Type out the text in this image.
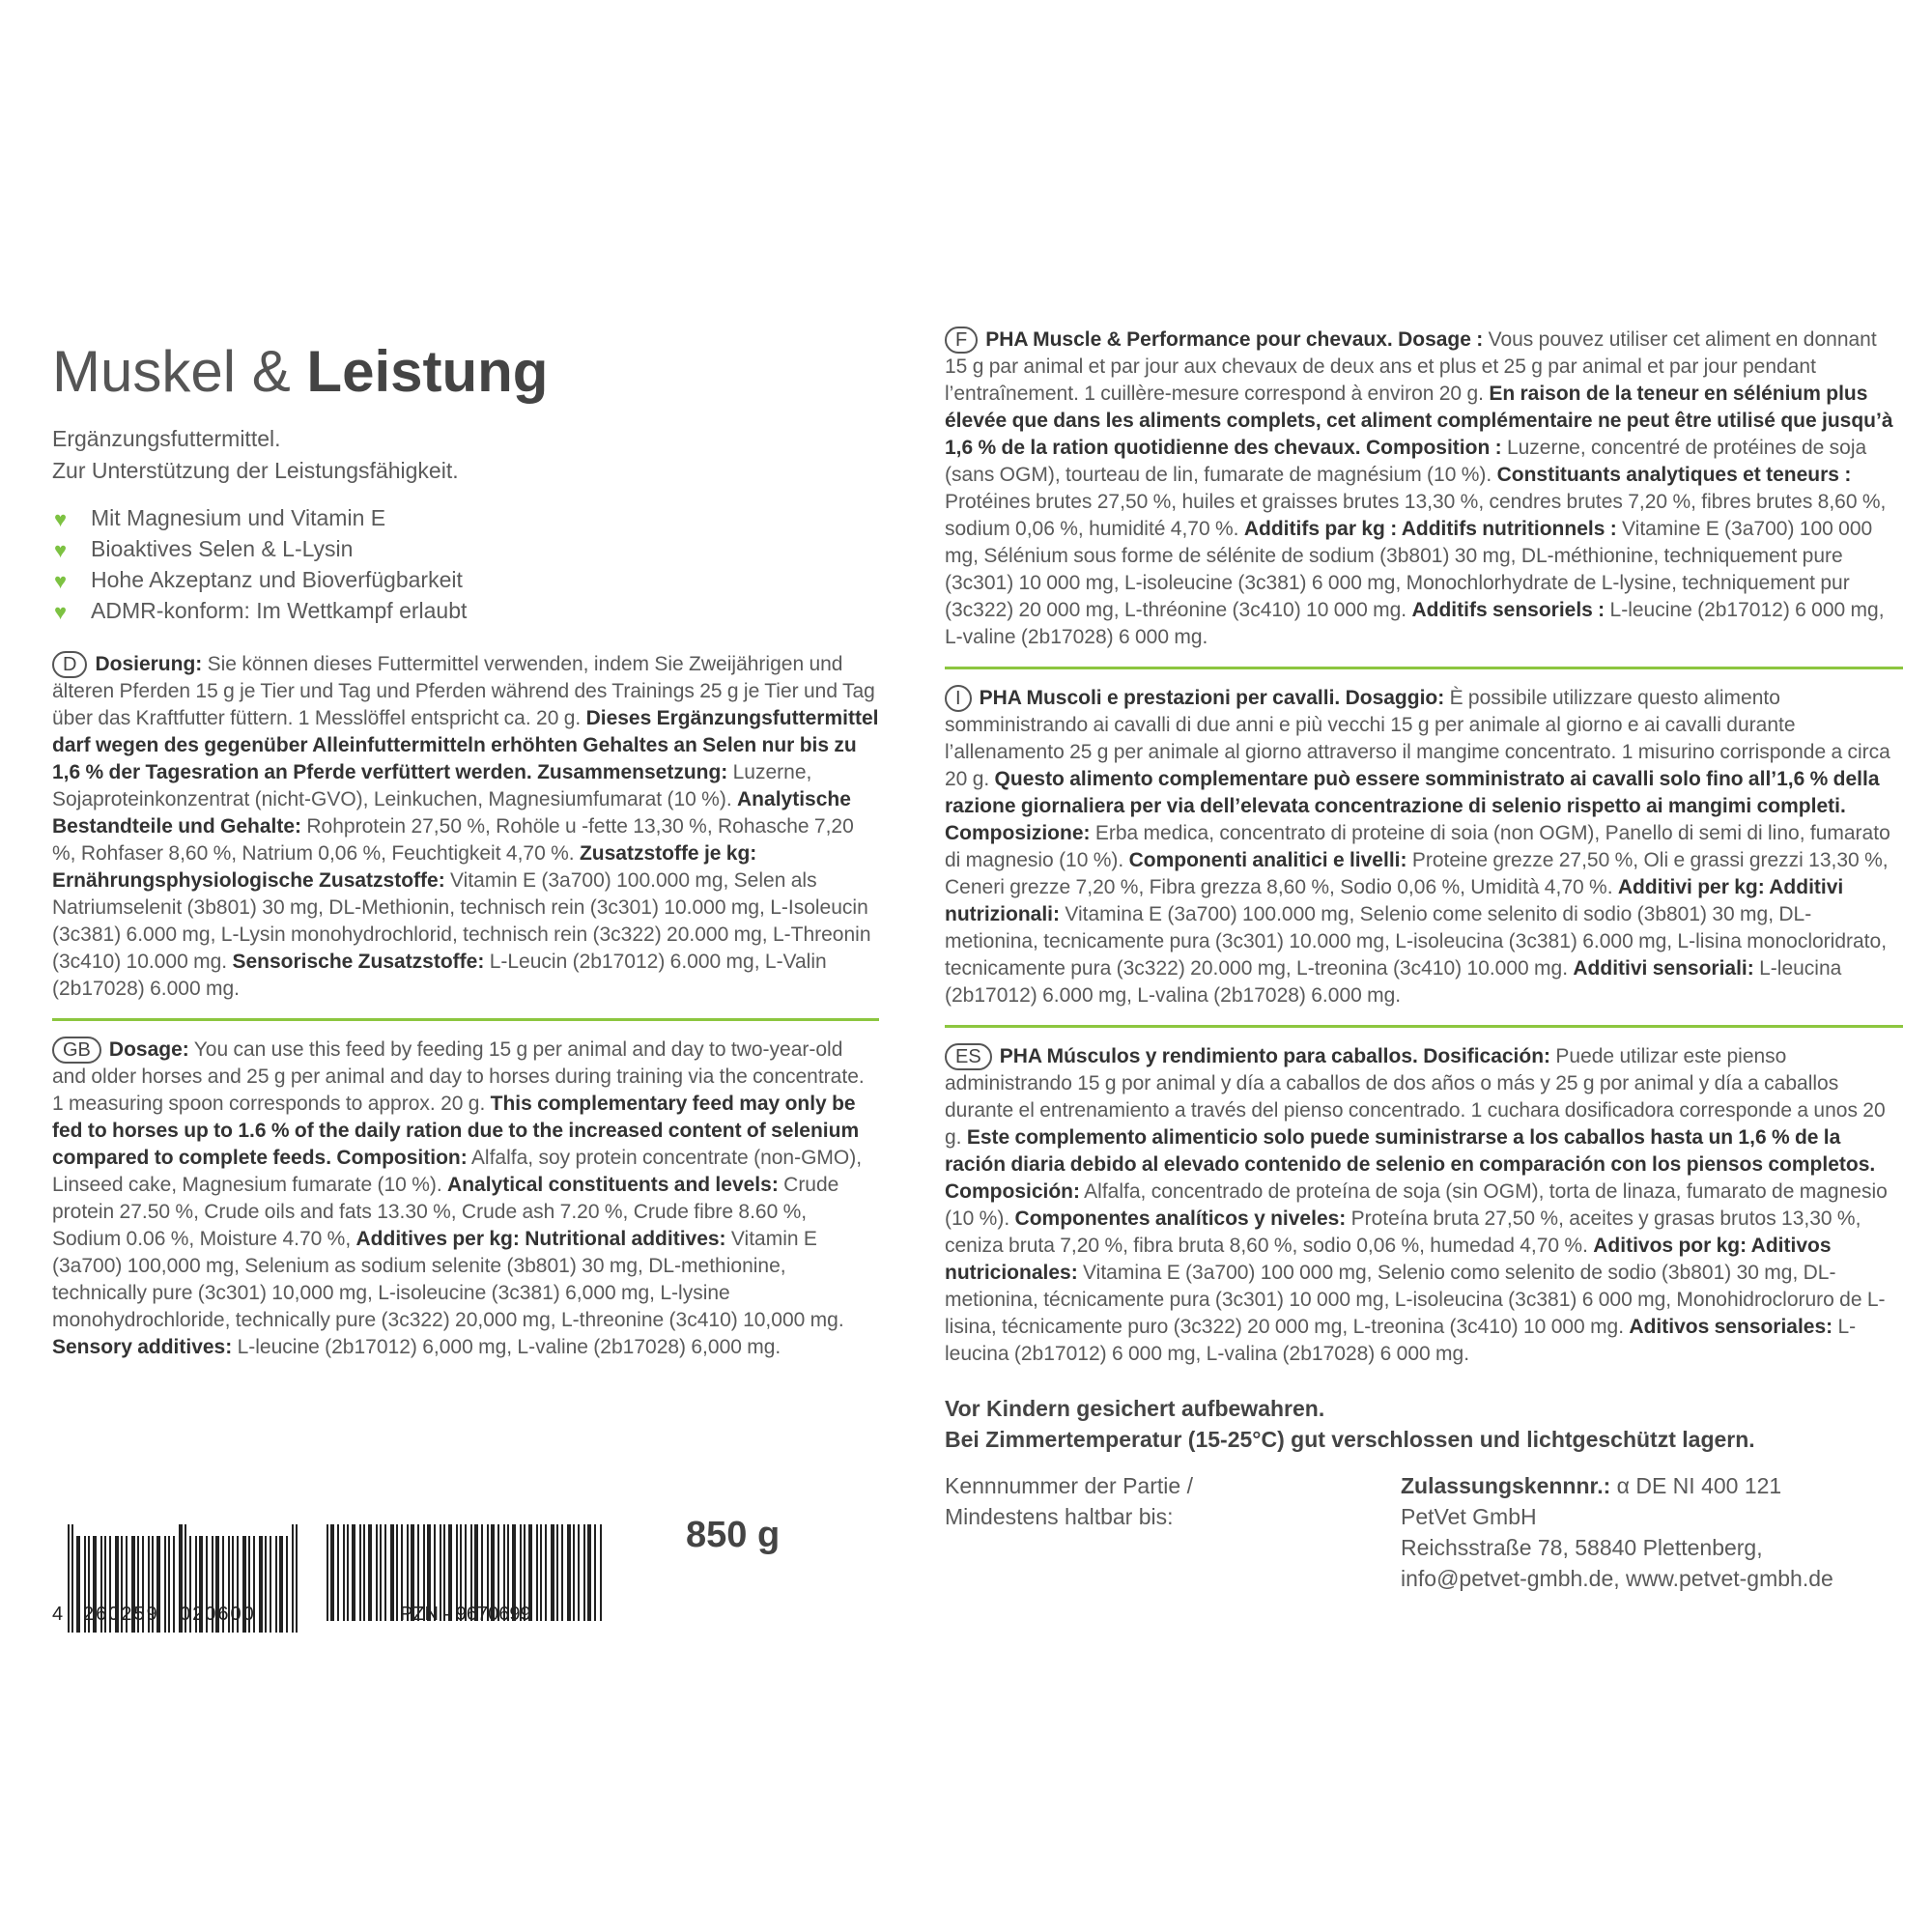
Muskel & Leistung
Ergänzungsfuttermittel.
Zur Unterstützung der Leistungsfähigkeit.
♥ Mit Magnesium und Vitamin E
♥ Bioaktives Selen & L-Lysin
♥ Hohe Akzeptanz und Bioverfügbarkeit
♥ ADMR-konform: Im Wettkampf erlaubt
D Dosierung: Sie können dieses Futtermittel verwenden, indem Sie Zweijährigen und älteren Pferden 15 g je Tier und Tag und Pferden während des Trainings 25 g je Tier und Tag über das Kraftfutter füttern. 1 Messlöffel entspricht ca. 20 g. Dieses Ergänzungsfuttermittel darf wegen des gegenüber Alleinfuttermitteln erhöhten Gehaltes an Selen nur bis zu 1,6 % der Tagesration an Pferde verfüttert werden. Zusammensetzung: Luzerne, Sojaproteinkonzentrat (nicht-GVO), Leinkuchen, Magnesiumfumarat (10 %). Analytische Bestandteile und Gehalte: Rohprotein 27,50 %, Rohöle u -fette 13,30 %, Rohasche 7,20 %, Rohfaser 8,60 %, Natrium 0,06 %, Feuchtigkeit 4,70 %. Zusatzstoffe je kg: Ernährungsphysiologische Zusatzstoffe: Vitamin E (3a700) 100.000 mg, Selen als Natriumselenit (3b801) 30 mg, DL-Methionin, technisch rein (3c301) 10.000 mg, L-Isoleucin (3c381) 6.000 mg, L-Lysin monohydrochlorid, technisch rein (3c322) 20.000 mg, L-Threonin (3c410) 10.000 mg. Sensorische Zusatzstoffe: L-Leucin (2b17012) 6.000 mg, L-Valin (2b17028) 6.000 mg.
GB Dosage: You can use this feed by feeding 15 g per animal and day to two-year-old and older horses and 25 g per animal and day to horses during training via the concentrate. 1 measuring spoon corresponds to approx. 20 g. This complementary feed may only be fed to horses up to 1.6 % of the daily ration due to the increased content of selenium compared to complete feeds. Composition: Alfalfa, soy protein concentrate (non-GMO), Linseed cake, Magnesium fumarate (10 %). Analytical constituents and levels: Crude protein 27.50 %, Crude oils and fats 13.30 %, Crude ash 7.20 %, Crude fibre 8.60 %, Sodium 0.06 %, Moisture 4.70 %, Additives per kg: Nutritional additives: Vitamin E (3a700) 100,000 mg, Selenium as sodium selenite (3b801) 30 mg, DL-methionine, technically pure (3c301) 10,000 mg, L-isoleucine (3c381) 6,000 mg, L-lysine monohydrochloride, technically pure (3c322) 20,000 mg, L-threonine (3c410) 10,000 mg. Sensory additives: L-leucine (2b17012) 6,000 mg, L-valine (2b17028) 6,000 mg.
4 260259 020600	PZN - 9670699
850 g
F PHA Muscle & Performance pour chevaux. Dosage : Vous pouvez utiliser cet aliment en donnant 15 g par animal et par jour aux chevaux de deux ans et plus et 25 g par animal et par jour pendant l’entraînement. 1 cuillère-mesure correspond à environ 20 g. En raison de la teneur en sélénium plus élevée que dans les aliments complets, cet aliment complémentaire ne peut être utilisé que jusqu’à 1,6 % de la ration quotidienne des chevaux. Composition : Luzerne, concentré de protéines de soja (sans OGM), tourteau de lin, fumarate de magnésium (10 %). Constituants analytiques et teneurs : Protéines brutes 27,50 %, huiles et graisses brutes 13,30 %, cendres brutes 7,20 %, fibres brutes 8,60 %, sodium 0,06 %, humidité 4,70 %. Additifs par kg : Additifs nutritionnels : Vitamine E (3a700) 100 000 mg, Sélénium sous forme de sélénite de sodium (3b801) 30 mg, DL-méthionine, techniquement pure (3c301) 10 000 mg, L-isoleucine (3c381) 6 000 mg, Monochlorhydrate de L-lysine, techniquement pur (3c322) 20 000 mg, L-thréonine (3c410) 10 000 mg. Additifs sensoriels : L-leucine (2b17012) 6 000 mg, L-valine (2b17028) 6 000 mg.
I PHA Muscoli e prestazioni per cavalli. Dosaggio: È possibile utilizzare questo alimento somministrando ai cavalli di due anni e più vecchi 15 g per animale al giorno e ai cavalli durante l’allenamento 25 g per animale al giorno attraverso il mangime concentrato. 1 misurino corrisponde a circa 20 g. Questo alimento complementare può essere somministrato ai cavalli solo fino all’1,6 % della razione giornaliera per via dell’elevata concentrazione di selenio rispetto ai mangimi completi. Composizione: Erba medica, concentrato di proteine di soia (non OGM), Panello di semi di lino, fumarato di magnesio (10 %). Componenti analitici e livelli: Proteine grezze 27,50 %, Oli e grassi grezzi 13,30 %, Ceneri grezze 7,20 %, Fibra grezza 8,60 %, Sodio 0,06 %, Umidità 4,70 %. Additivi per kg: Additivi nutrizionali: Vitamina E (3a700) 100.000 mg, Selenio come selenito di sodio (3b801) 30 mg, DL-metionina, tecnicamente pura (3c301) 10.000 mg, L-isoleucina (3c381) 6.000 mg, L-lisina monocloridrato, tecnicamente pura (3c322) 20.000 mg, L-treonina (3c410) 10.000 mg. Additivi sensoriali: L-leucina (2b17012) 6.000 mg, L-valina (2b17028) 6.000 mg.
ES PHA Músculos y rendimiento para caballos. Dosificación: Puede utilizar este pienso administrando 15 g por animal y día a caballos de dos años o más y 25 g por animal y día a caballos durante el entrenamiento a través del pienso concentrado. 1 cuchara dosificadora corresponde a unos 20 g. Este complemento alimenticio solo puede suministrarse a los caballos hasta un 1,6 % de la ración diaria debido al elevado contenido de selenio en comparación con los piensos completos. Composición: Alfalfa, concentrado de proteína de soja (sin OGM), torta de linaza, fumarato de magnesio (10 %). Componentes analíticos y niveles: Proteína bruta 27,50 %, aceites y grasas brutos 13,30 %, ceniza bruta 7,20 %, fibra bruta 8,60 %, sodio 0,06 %, humedad 4,70 %. Aditivos por kg: Aditivos nutricionales: Vitamina E (3a700) 100 000 mg, Selenio como selenito de sodio (3b801) 30 mg, DL-metionina, técnicamente pura (3c301) 10 000 mg, L-isoleucina (3c381) 6 000 mg, Monohidrocloruro de L-lisina, técnicamente puro (3c322) 20 000 mg, L-treonina (3c410) 10 000 mg. Aditivos sensoriales: L-leucina (2b17012) 6 000 mg, L-valina (2b17028) 6 000 mg.
Vor Kindern gesichert aufbewahren.
Bei Zimmertemperatur (15-25°C) gut verschlossen und lichtgeschützt lagern.
Kennnummer der Partie /
Mindestens haltbar bis:
Zulassungskennnr.: α DE NI 400 121
PetVet GmbH
Reichsstraße 78, 58840 Plettenberg,
info@petvet-gmbh.de, www.petvet-gmbh.de
